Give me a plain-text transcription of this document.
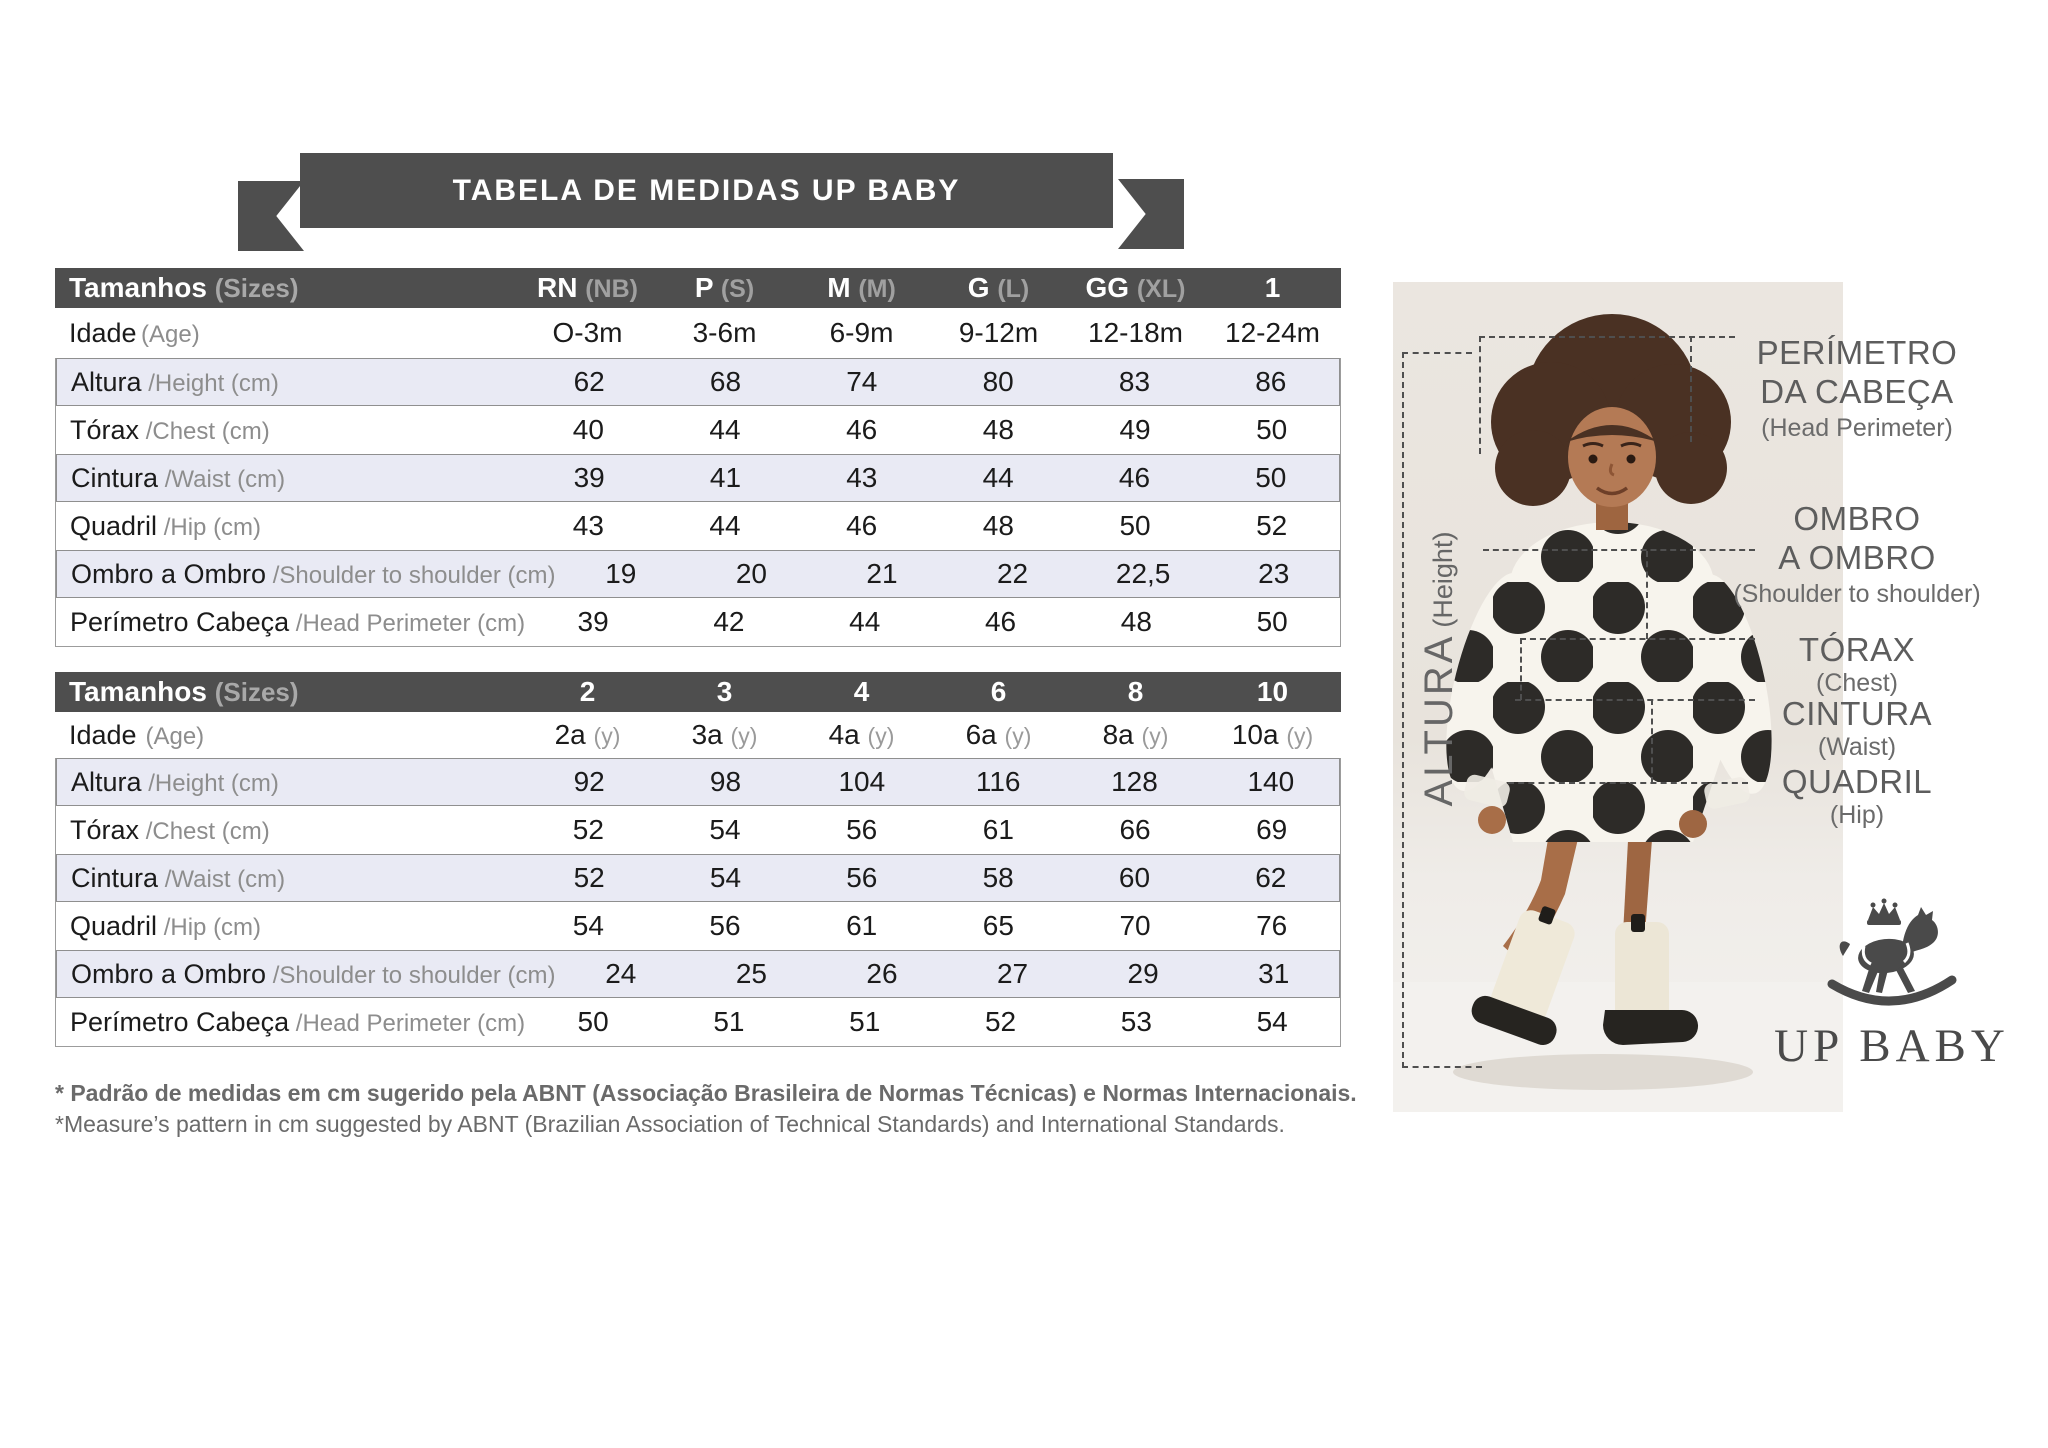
TABELA DE MEDIDAS UP BABY
Tamanhos (Sizes)	RN (NB)	P (S)	M (M)	G (L)	GG (XL)	1
Idade (Age)	O-3m	3-6m	6-9m	9-12m	12-18m	12-24m
Altura /Height (cm)	62	68	74	80	83	86
Tórax /Chest (cm)	40	44	46	48	49	50
Cintura /Waist (cm)	39	41	43	44	46	50
Quadril /Hip (cm)	43	44	46	48	50	52
Ombro a Ombro /Shoulder to shoulder (cm)	19	20	21	22	22,5	23
Perímetro Cabeça /Head Perimeter (cm)	39	42	44	46	48	50
Tamanhos (Sizes)	2	3	4	6	8	10
Idade (Age)	2a (y)	3a (y)	4a (y)	6a (y)	8a (y)	10a (y)
Altura /Height (cm)	92	98	104	116	128	140
Tórax /Chest (cm)	52	54	56	61	66	69
Cintura /Waist (cm)	52	54	56	58	60	62
Quadril /Hip (cm)	54	56	61	65	70	76
Ombro a Ombro /Shoulder to shoulder (cm)	24	25	26	27	29	31
Perímetro Cabeça /Head Perimeter (cm)	50	51	51	52	53	54
* Padrão de medidas em cm sugerido pela ABNT (Associação Brasileira de Normas Técnicas) e Normas Internacionais.
*Measure’s pattern in cm suggested by ABNT (Brazilian Association of Technical Standards) and International Standards.
ALTURA(Height)
PERÍMETRO
DA CABEÇA
(Head Perimeter)
OMBRO
A OMBRO
(Shoulder to shoulder)
TÓRAX
(Chest)
CINTURA
(Waist)
QUADRIL
(Hip)
UP BABY
